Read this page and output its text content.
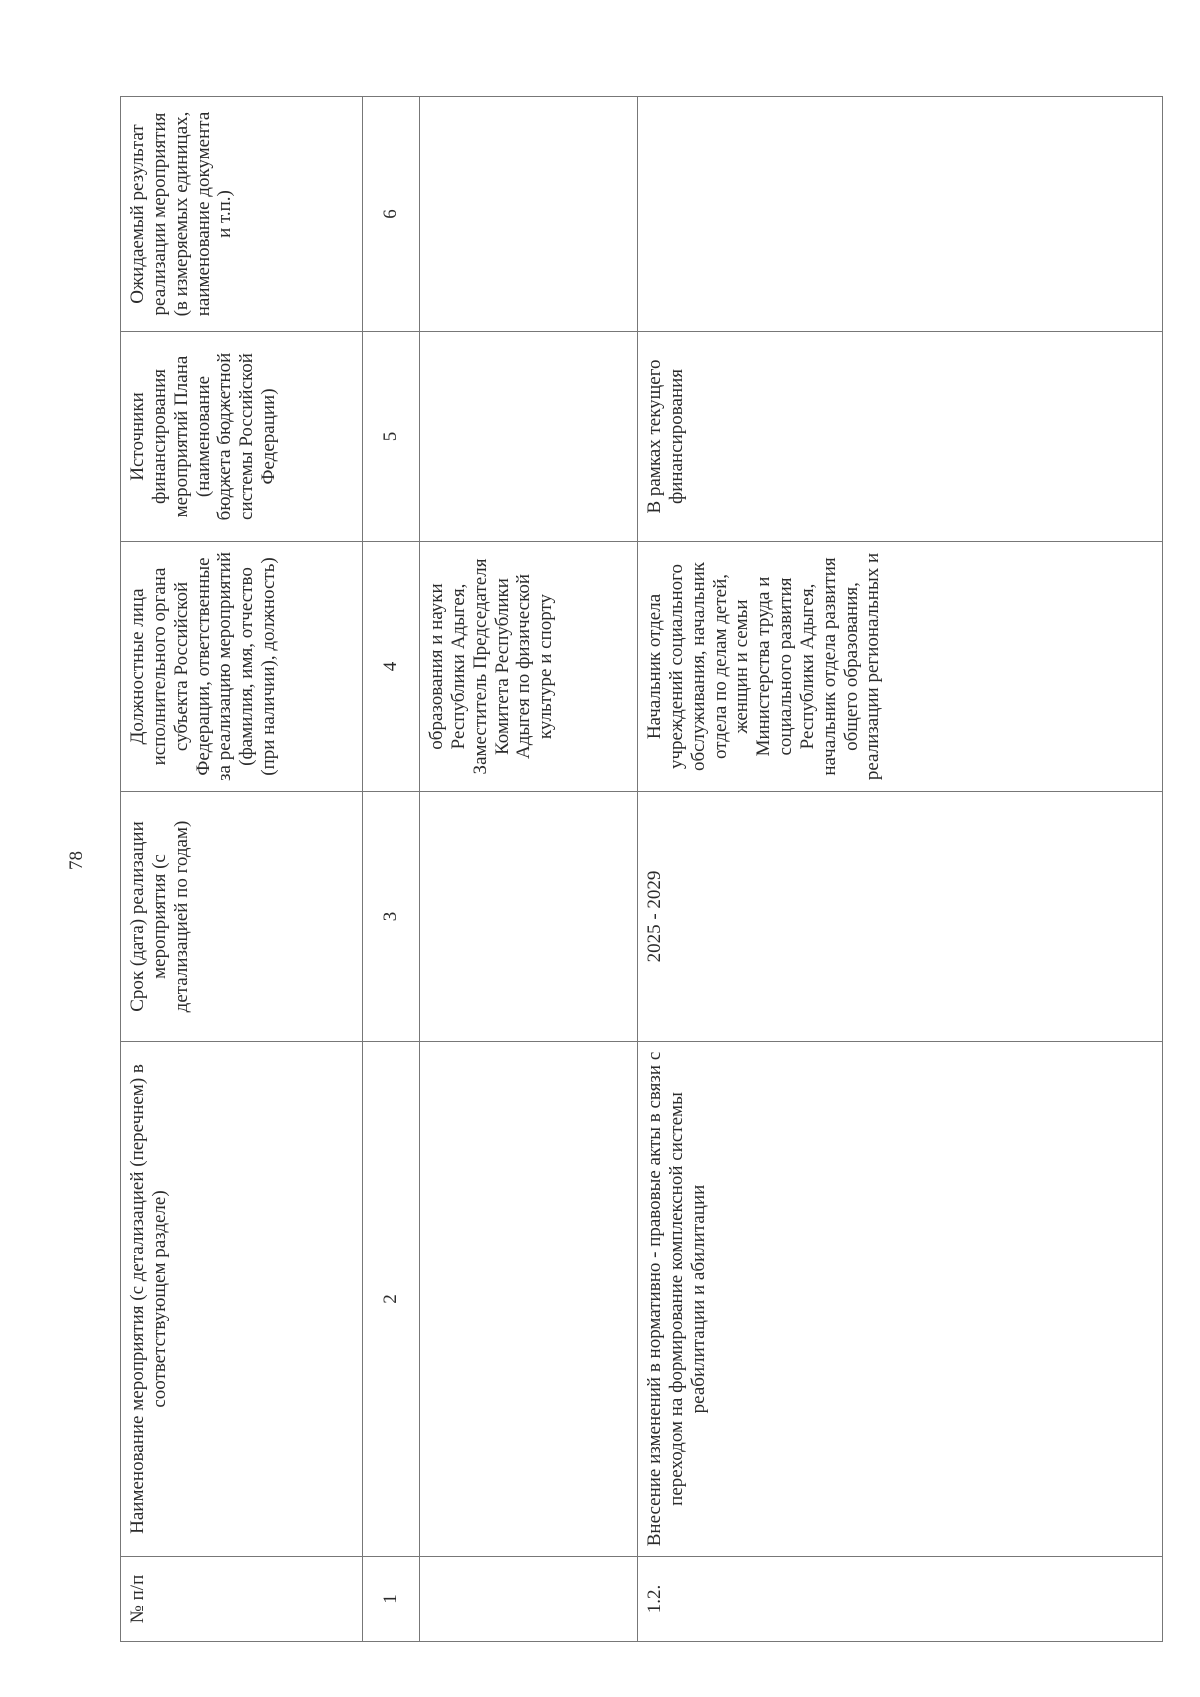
78
№ п/п	Наименование мероприятия (с детализацией (перечнем) в соответствующем разделе)	Срок (дата) реализации мероприятия (с детализацией по годам)	Должностные лица исполнительного органа субъекта Российской Федерации, ответственные за реализацию мероприятий (фамилия, имя, отчество (при наличии), должность)	Источники финансирования мероприятий Плана (наименование бюджета бюджетной системы Российской Федерации)	Ожидаемый результат реализации мероприятия (в измеряемых единицах, наименование документа и т.п.)
1	2	3	4	5	6
			образования и науки Республики Адыгея, Заместитель Председателя Комитета Республики Адыгея по физической культуре и спорту		
1.2.	Внесение изменений в нормативно - правовые акты в связи с переходом на формирование комплексной системы реабилитации и абилитации	2025 - 2029	Начальник отдела учреждений социального обслуживания, начальник отдела по делам детей, женщин и семьи Министерства труда и социального развития Республики Адыгея, начальник отдела развития общего образования, реализации региональных и	В рамках текущего финансирования	
